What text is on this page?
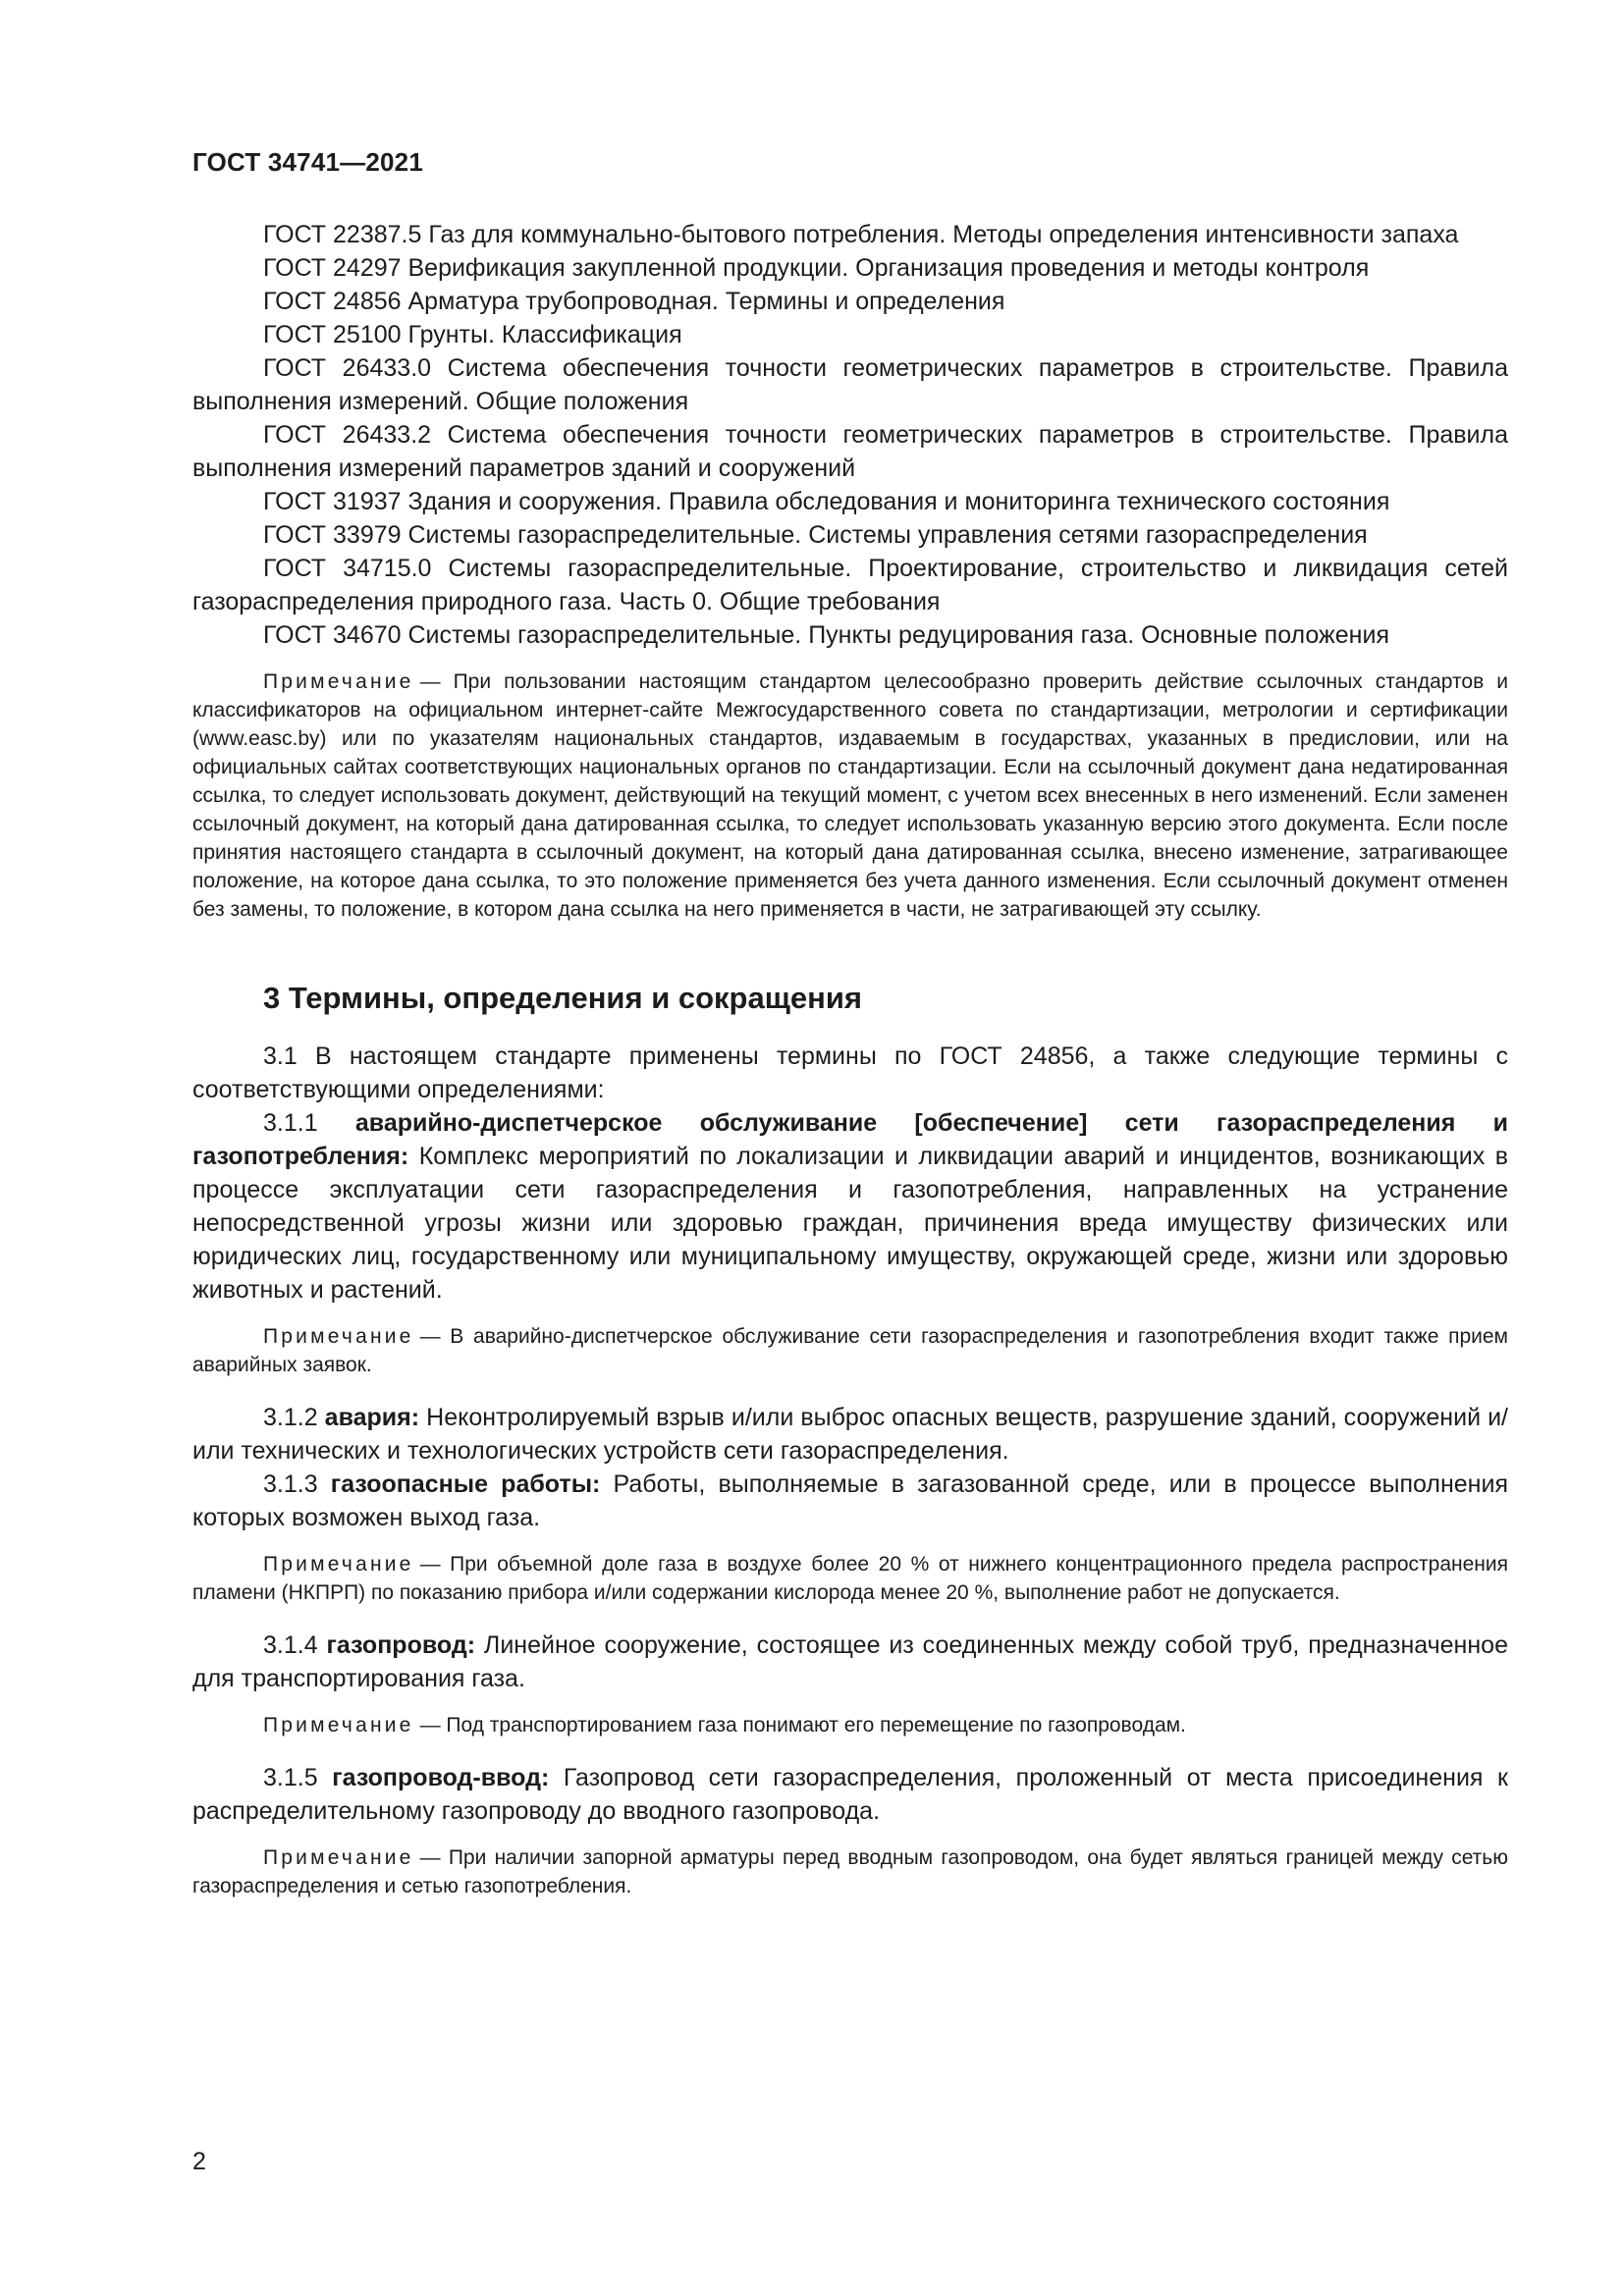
ГОСТ 34741—2021

ГОСТ 22387.5 Газ для коммунально-бытового потребления. Методы определения интенсивности запаха

ГОСТ 24297 Верификация закупленной продукции. Организация проведения и методы контроля

ГОСТ 24856 Арматура трубопроводная. Термины и определения

ГОСТ 25100 Грунты. Классификация

ГОСТ 26433.0 Система обеспечения точности геометрических параметров в строительстве. Правила выполнения измерений. Общие положения

ГОСТ 26433.2 Система обеспечения точности геометрических параметров в строительстве. Правила выполнения измерений параметров зданий и сооружений

ГОСТ 31937 Здания и сооружения. Правила обследования и мониторинга технического состояния

ГОСТ 33979 Системы газораспределительные. Системы управления сетями газораспределения

ГОСТ 34715.0 Системы газораспределительные. Проектирование, строительство и ликвидация сетей газораспределения природного газа. Часть 0. Общие требования

ГОСТ 34670 Системы газораспределительные. Пункты редуцирования газа. Основные положения

Примечание — При пользовании настоящим стандартом целесообразно проверить действие ссылочных стандартов и классификаторов на официальном интернет-сайте Межгосударственного совета по стандартизации, метрологии и сертификации (www.easc.by) или по указателям национальных стандартов, издаваемым в государствах, указанных в предисловии, или на официальных сайтах соответствующих национальных органов по стандартизации. Если на ссылочный документ дана недатированная ссылка, то следует использовать документ, действующий на текущий момент, с учетом всех внесенных в него изменений. Если заменен ссылочный документ, на который дана датированная ссылка, то следует использовать указанную версию этого документа. Если после принятия настоящего стандарта в ссылочный документ, на который дана датированная ссылка, внесено изменение, затрагивающее положение, на которое дана ссылка, то это положение применяется без учета данного изменения. Если ссылочный документ отменен без замены, то положение, в котором дана ссылка на него применяется в части, не затрагивающей эту ссылку.

3 Термины, определения и сокращения

3.1 В настоящем стандарте применены термины по ГОСТ 24856, а также следующие термины с соответствующими определениями:

3.1.1 аварийно-диспетчерское обслуживание [обеспечение] сети газораспределения и газопотребления: Комплекс мероприятий по локализации и ликвидации аварий и инцидентов, возникающих в процессе эксплуатации сети газораспределения и газопотребления, направленных на устранение непосредственной угрозы жизни или здоровью граждан, причинения вреда имуществу физических или юридических лиц, государственному или муниципальному имуществу, окружающей среде, жизни или здоровью животных и растений.

Примечание — В аварийно-диспетчерское обслуживание сети газораспределения и газопотребления входит также прием аварийных заявок.

3.1.2 авария: Неконтролируемый взрыв и/или выброс опасных веществ, разрушение зданий, сооружений и/или технических и технологических устройств сети газораспределения.

3.1.3 газоопасные работы: Работы, выполняемые в загазованной среде, или в процессе выполнения которых возможен выход газа.

Примечание — При объемной доле газа в воздухе более 20 % от нижнего концентрационного предела распространения пламени (НКПРП) по показанию прибора и/или содержании кислорода менее 20 %, выполнение работ не допускается.

3.1.4 газопровод: Линейное сооружение, состоящее из соединенных между собой труб, предназначенное для транспортирования газа.

Примечание — Под транспортированием газа понимают его перемещение по газопроводам.

3.1.5 газопровод-ввод: Газопровод сети газораспределения, проложенный от места присоединения к распределительному газопроводу до вводного газопровода.

Примечание — При наличии запорной арматуры перед вводным газопроводом, она будет являться границей между сетью газораспределения и сетью газопотребления.

2
